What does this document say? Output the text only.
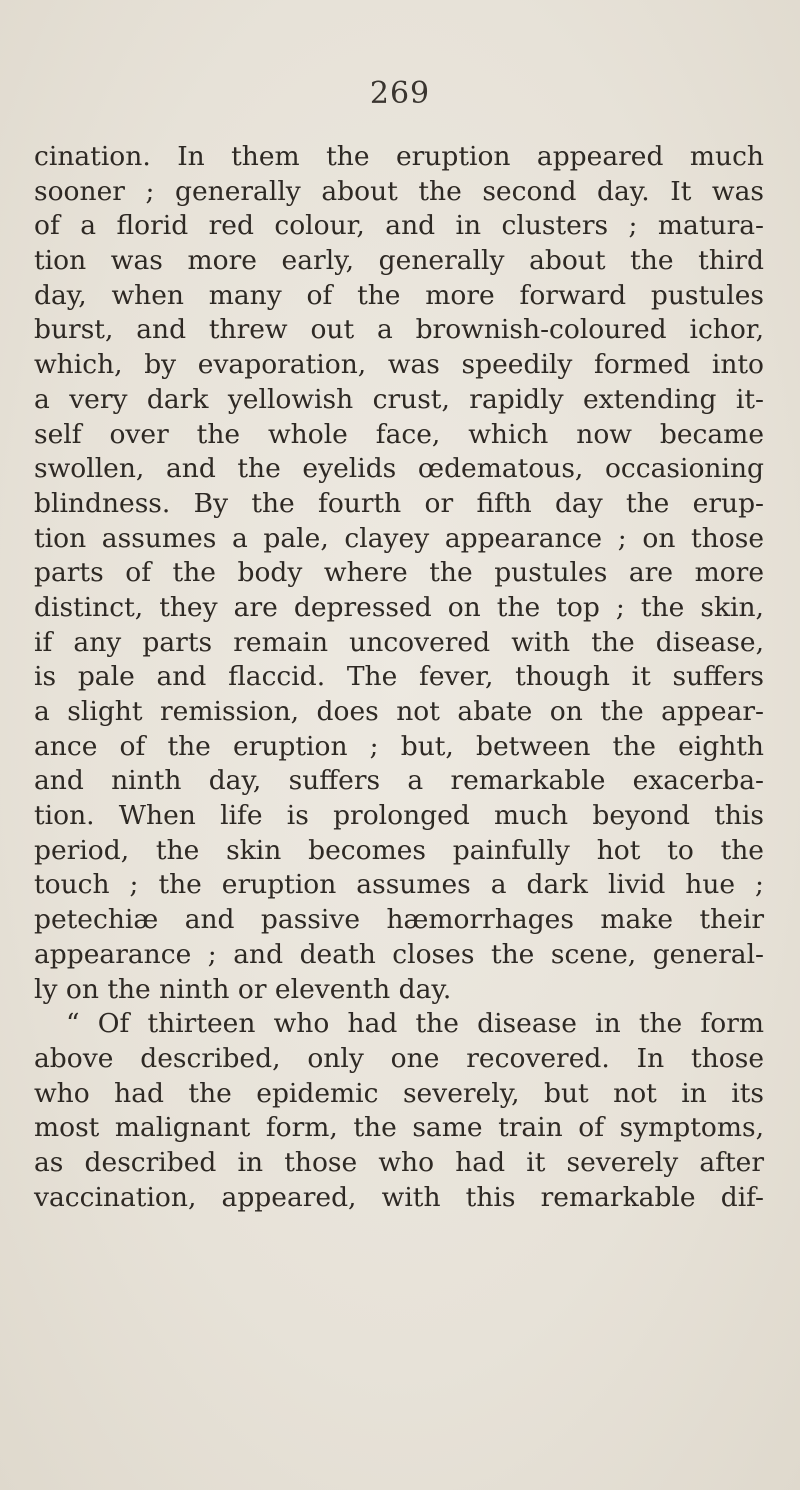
269
cination. In them the eruption appeared much
sooner ; generally about the second day. It was
of a florid red colour, and in clusters ; matura-
tion was more early, generally about the third
day, when many of the more forward pustules
burst, and threw out a brownish-coloured ichor,
which, by evaporation, was speedily formed into
a very dark yellowish crust, rapidly extending it-
self over the whole face, which now became
swollen, and the eyelids œdematous, occasioning
blindness. By the fourth or fifth day the erup-
tion assumes a pale, clayey appearance ; on those
parts of the body where the pustules are more
distinct, they are depressed on the top ; the skin,
if any parts remain uncovered with the disease,
is pale and flaccid. The fever, though it suffers
a slight remission, does not abate on the appear-
ance of the eruption ; but, between the eighth
and ninth day, suffers a remarkable exacerba-
tion. When life is prolonged much beyond this
period, the skin becomes painfully hot to the
touch ; the eruption assumes a dark livid hue ;
petechiæ and passive hæmorrhages make their
appearance ; and death closes the scene, general-
ly on the ninth or eleventh day.
“ Of thirteen who had the disease in the form
above described, only one recovered. In those
who had the epidemic severely, but not in its
most malignant form, the same train of symptoms,
as described in those who had it severely after
vaccination, appeared, with this remarkable dif-
